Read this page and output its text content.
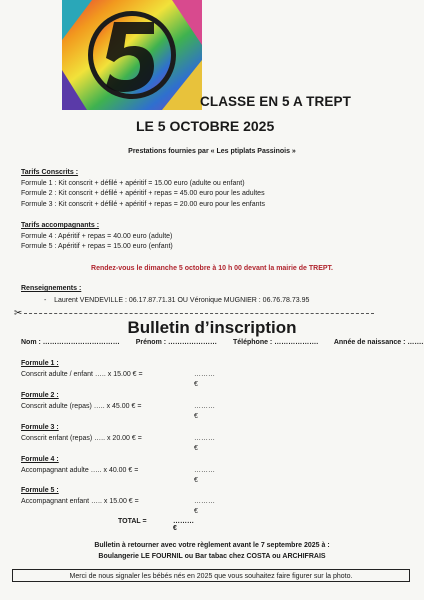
CLASSE EN 5 A TREPT
LE 5 OCTOBRE 2025
Prestations fournies par « Les ptiplats Passinois »
Tarifs Conscrits :
Formule 1 : Kit conscrit + défilé + apéritif = 15.00 euro (adulte ou enfant)
Formule 2 : Kit conscrit + défilé + apéritif + repas = 45.00 euro pour les adultes
Formule 3 : Kit conscrit + défilé + apéritif + repas = 20.00 euro pour les enfants
Tarifs accompagnants :
Formule 4 : Apéritif + repas = 40.00 euro (adulte)
Formule 5 : Apéritif + repas = 15.00 euro (enfant)
Rendez-vous le dimanche 5 octobre à 10 h 00 devant la mairie de TREPT.
Renseignements :
-    Laurent VENDEVILLE : 06.17.87.71.31 OU Véronique MUGNIER : 06.76.78.73.95
✂
Bulletin d’inscription
Nom : …………………………… Prénom : ………………… Téléphone : ………………. Année de naissance : …….
Formule 1 :
Conscrit adulte / enfant ….. x 15.00 € =	……… €
Formule 2 :
Conscrit adulte (repas) ….. x 45.00 € =	……… €
Formule 3 :
Conscrit enfant (repas) ….. x 20.00 € =	……… €
Formule 4 :
Accompagnant adulte ….. x 40.00 € =	……… €
Formule 5 :
Accompagnant enfant ….. x 15.00 € =	……… €
TOTAL =	……… €
Bulletin à retourner avec votre règlement avant le 7 septembre 2025 à :
Boulangerie LE FOURNIL ou Bar tabac chez COSTA ou ARCHIFRAIS
Merci de nous signaler les bébés nés en 2025 que vous souhaitez faire figurer sur la photo.
